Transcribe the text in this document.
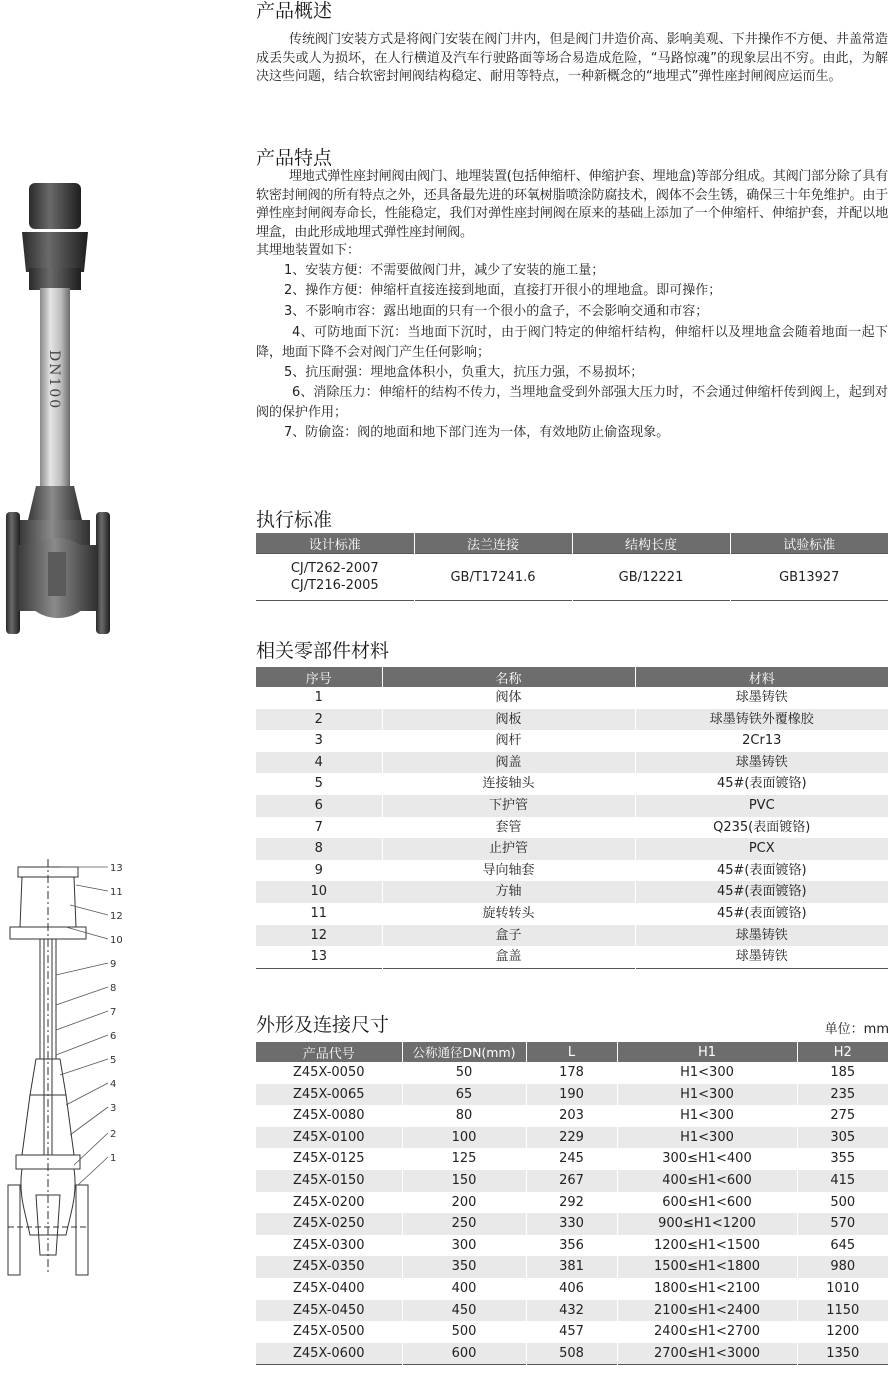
DN100
13
11
12
10
9
8
7
6
5
4
3
2
1
产品概述

传统阀门安装方式是将阀门安装在阀门井内，但是阀门井造价高、影响美观、下井操作不方便、井盖常造成丢失或人为损坏，在人行横道及汽车行驶路面等场合易造成危险，“马路惊魂”的现象层出不穷。由此，为解决这些问题，结合软密封闸阀结构稳定、耐用等特点，一种新概念的“地埋式”弹性座封闸阀应运而生。

产品特点

埋地式弹性座封闸阀由阀门、地埋装置(包括伸缩杆、伸缩护套、埋地盒)等部分组成。其阀门部分除了具有软密封闸阀的所有特点之外，还具备最先进的环氧树脂喷涂防腐技术，阀体不会生锈，确保三十年免维护。由于弹性座封闸阀寿命长，性能稳定，我们对弹性座封闸阀在原来的基础上添加了一个伸缩杆、伸缩护套，并配以地埋盒，由此形成地埋式弹性座封闸阀。

其埋地装置如下：
1、安装方便：不需要做阀门井，减少了安装的施工量；
2、操作方便：伸缩杆直接连接到地面，直接打开很小的埋地盒。即可操作；
3、不影响市容：露出地面的只有一个很小的盒子，不会影响交通和市容；

4、可防地面下沉：当地面下沉时，由于阀门特定的伸缩杆结构，伸缩杆以及埋地盒会随着地面一起下降，地面下降不会对阀门产生任何影响；

5、抗压耐强：埋地盒体积小，负重大，抗压力强，不易损坏；

6、消除压力：伸缩杆的结构不传力，当埋地盒受到外部强大压力时，不会通过伸缩杆传到阀上，起到对阀的保护作用；

7、防偷盗：阀的地面和地下部门连为一体，有效地防止偷盗现象。
执行标准
设计标准	法兰连接	结构长度	试验标准

CJ/T262-2007
CJ/T216-2005	GB/T17241.6	GB/12221	GB13927
相关零部件材料
序号	名称	材料
1	阀体	球墨铸铁
2	阀板	球墨铸铁外覆橡胶
3	阀杆	2Cr13
4	阀盖	球墨铸铁
5	连接轴头	45#(表面镀铬)
6	下护管	PVC
7	套管	Q235(表面镀铬)
8	止护管	PCX
9	导向轴套	45#(表面镀铬)
10	方轴	45#(表面镀铬)
11	旋转转头	45#(表面镀铬)
12	盒子	球墨铸铁
13	盒盖	球墨铸铁
外形及连接尺寸	单位：mm
产品代号	公称通径DN(mm)	L	H1	H2
Z45X-0050	50	178	H1<300	185
Z45X-0065	65	190	H1<300	235
Z45X-0080	80	203	H1<300	275
Z45X-0100	100	229	H1<300	305
Z45X-0125	125	245	300≤H1<400	355
Z45X-0150	150	267	400≤H1<600	415
Z45X-0200	200	292	600≤H1<600	500
Z45X-0250	250	330	900≤H1<1200	570
Z45X-0300	300	356	1200≤H1<1500	645
Z45X-0350	350	381	1500≤H1<1800	980
Z45X-0400	400	406	1800≤H1<2100	1010
Z45X-0450	450	432	2100≤H1<2400	1150
Z45X-0500	500	457	2400≤H1<2700	1200
Z45X-0600	600	508	2700≤H1<3000	1350
